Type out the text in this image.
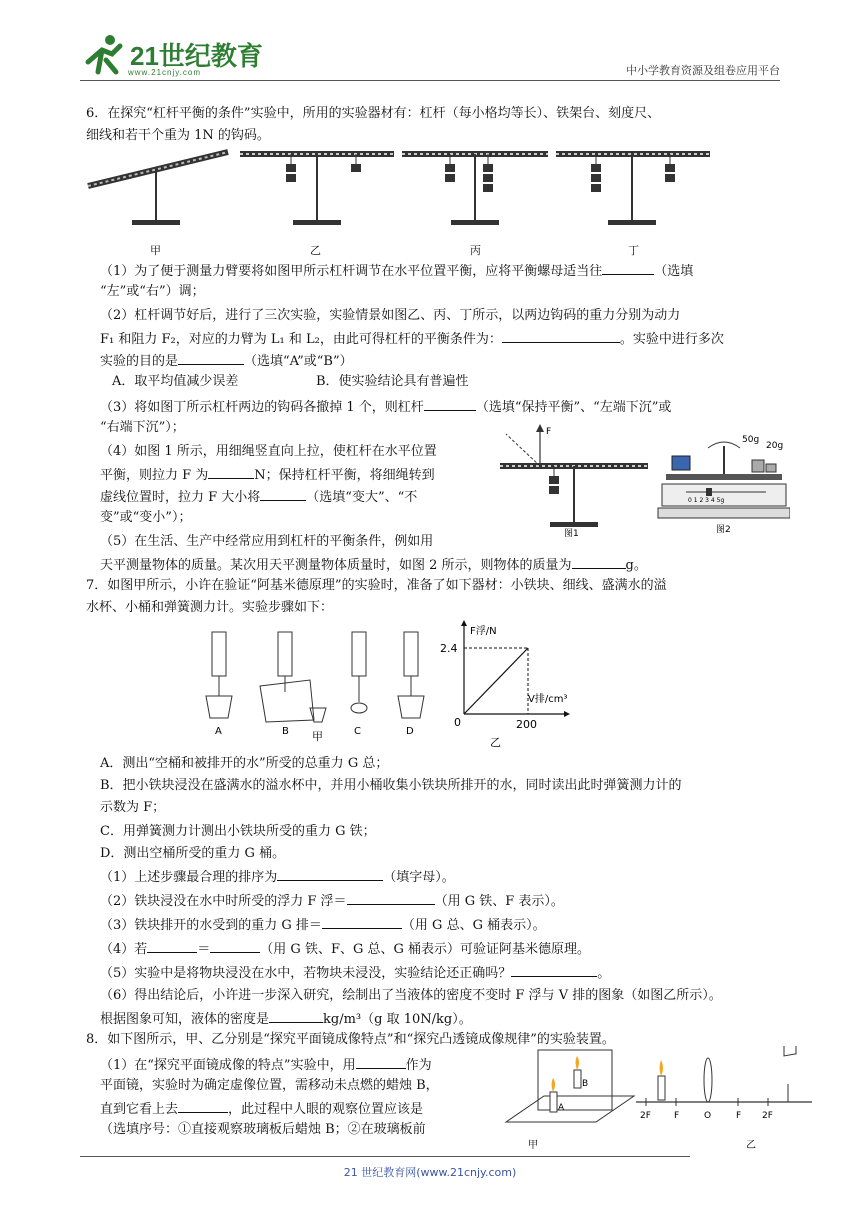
21世纪教育
www.21cnjy.com	中小学教育资源及组卷应用平台
6．在探究“杠杆平衡的条件”实验中，所用的实验器材有：杠杆（每小格均等长）、铁架台、刻度尺、
细线和若干个重为 1N 的钩码。
甲	乙	丙	丁
（1）为了便于测量力臂要将如图甲所示杠杆调节在水平位置平衡，应将平衡螺母适当往	（选填
“左”或“右”）调；
（2）杠杆调节好后，进行了三次实验，实验情景如图乙、丙、丁所示，以两边钩码的重力分别为动力
F₁ 和阻力 F₂，对应的力臂为 L₁ 和 L₂，由此可得杠杆的平衡条件为：	。实验中进行多次
实验的目的是	（选填“A”或“B”）
A．取平均值减少误差	B．使实验结论具有普遍性
（3）将如图丁所示杠杆两边的钩码各撤掉 1 个，则杠杆	（选填“保持平衡”、“左端下沉”或
“右端下沉”）；
（4）如图 1 所示，用细绳竖直向上拉，使杠杆在水平位置
平衡，则拉力 F 为	N；保持杠杆平衡，将细绳转到
虚线位置时，拉力 F 大小将	（选填“变大”、“不
变”或“变小”）；
F
图1
50g
20g
0 1 2 3 4 5g
图2
（5）在生活、生产中经常应用到杠杆的平衡条件，例如用
天平测量物体的质量。某次用天平测量物体质量时，如图 2 所示，则物体的质量为	g。
7．如图甲所示，小许在验证“阿基米德原理”的实验时，准备了如下器材：小铁块、细线、盛满水的溢
水杯、小桶和弹簧测力计。实验步骤如下：
A	B	C	D
甲
F浮/N
2.4
V排/cm³
200
0
乙
A．测出“空桶和被排开的水”所受的总重力 G 总；
B．把小铁块浸没在盛满水的溢水杯中，并用小桶收集小铁块所排开的水，同时读出此时弹簧测力计的
示数为 F；
C．用弹簧测力计测出小铁块所受的重力 G 铁；
D．测出空桶所受的重力 G 桶。
（1）上述步骤最合理的排序为	（填字母）。
（2）铁块浸没在水中时所受的浮力 F 浮＝	（用 G 铁、F 表示）。
（3）铁块排开的水受到的重力 G 排＝	（用 G 总、G 桶表示）。
（4）若	＝	（用 G 铁、F、G 总、G 桶表示）可验证阿基米德原理。
（5）实验中是将物块浸没在水中，若物块未浸没，实验结论还正确吗？	。
（6）得出结论后，小许进一步深入研究，绘制出了当液体的密度不变时 F 浮与 V 排的图象（如图乙所示）。
根据图象可知，液体的密度是	kg/m³（g 取 10N/kg）。
8．如下图所示，甲、乙分别是“探究平面镜成像特点”和“探究凸透镜成像规律”的实验装置。
（1）在“探究平面镜成像的特点”实验中，用	作为
平面镜，实验时为确定虚像位置，需移动未点燃的蜡烛 B，
直到它看上去	，此过程中人眼的观察位置应该是
（选填序号：①直接观察玻璃板后蜡烛 B；②在玻璃板前
B
A
甲
2F	F	O	F 2F
乙
21 世纪教育网(www.21cnjy.com)
